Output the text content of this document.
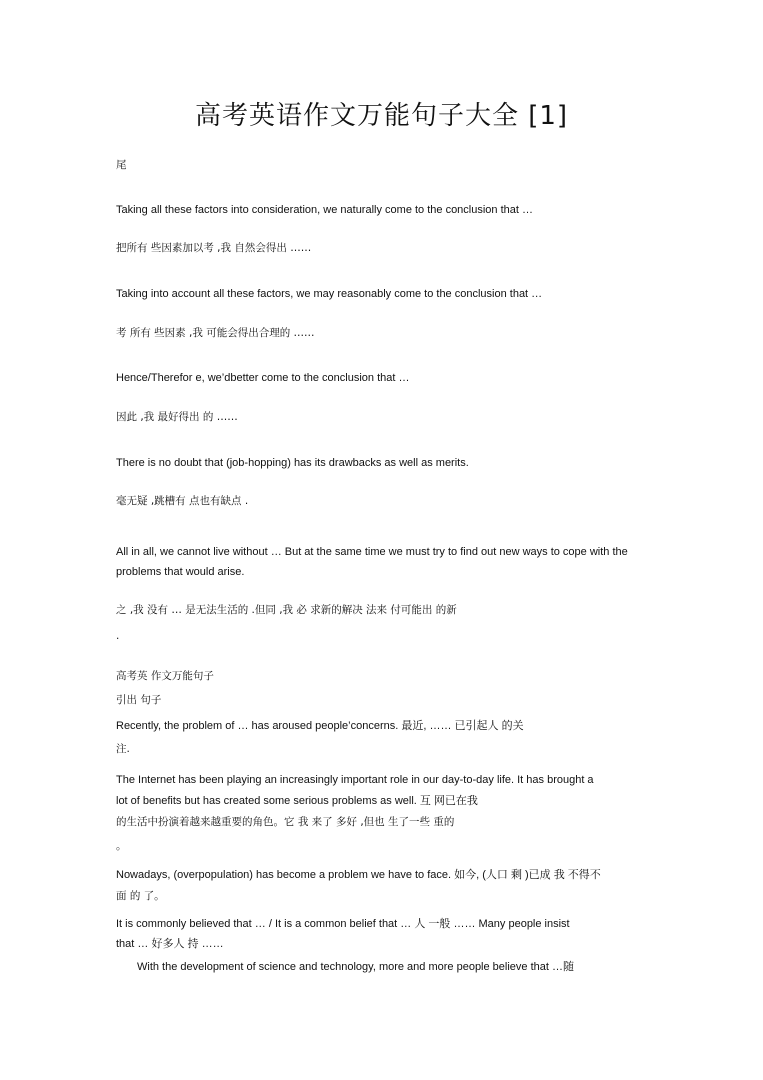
高考英语作文万能句子大全 [1]

尾

Taking all these factors into consideration, we naturally come to the conclusion that …

把所有 些因素加以考 ,我 自然会得出 ……

Taking into account all these factors, we may reasonably come to the conclusion that …

考 所有 些因素 ,我 可能会得出合理的 ……

Hence/Therefor e, we’dbetter come to the conclusion that …

因此 ,我 最好得出 的 ……

There is no doubt that (job-hopping) has its drawbacks as well as merits.

毫无疑 ,跳槽有 点也有缺点 .

All in all, we cannot live without … But at the same time we must try to find out new ways to cope with the problems that would arise.

之 ,我 没有 … 是无法生活的 .但同 ,我 必 求新的解决 法来 付可能出 的新

.

高考英 作文万能句子

引出 句子

Recently, the problem of … has aroused people’concerns. 最近, …… 已引起人 的关

注.

The Internet has been playing an increasingly important role in our day-to-day life. It has brought a

lot of benefits but has created some serious problems as well. 互 网已在我

的生活中扮演着越来越重要的角色。它 我 来了 多好 ,但也 生了一些 重的

。

Nowadays, (overpopulation) has become a problem we have to face. 如今, (人口 剩 )已成 我 不得不

面 的 了。

It is commonly believed that … / It is a common belief that … 人 一般 …… Many people insist

that … 好多人 持 ……

With the development of science and technology, more and more people believe that …随
